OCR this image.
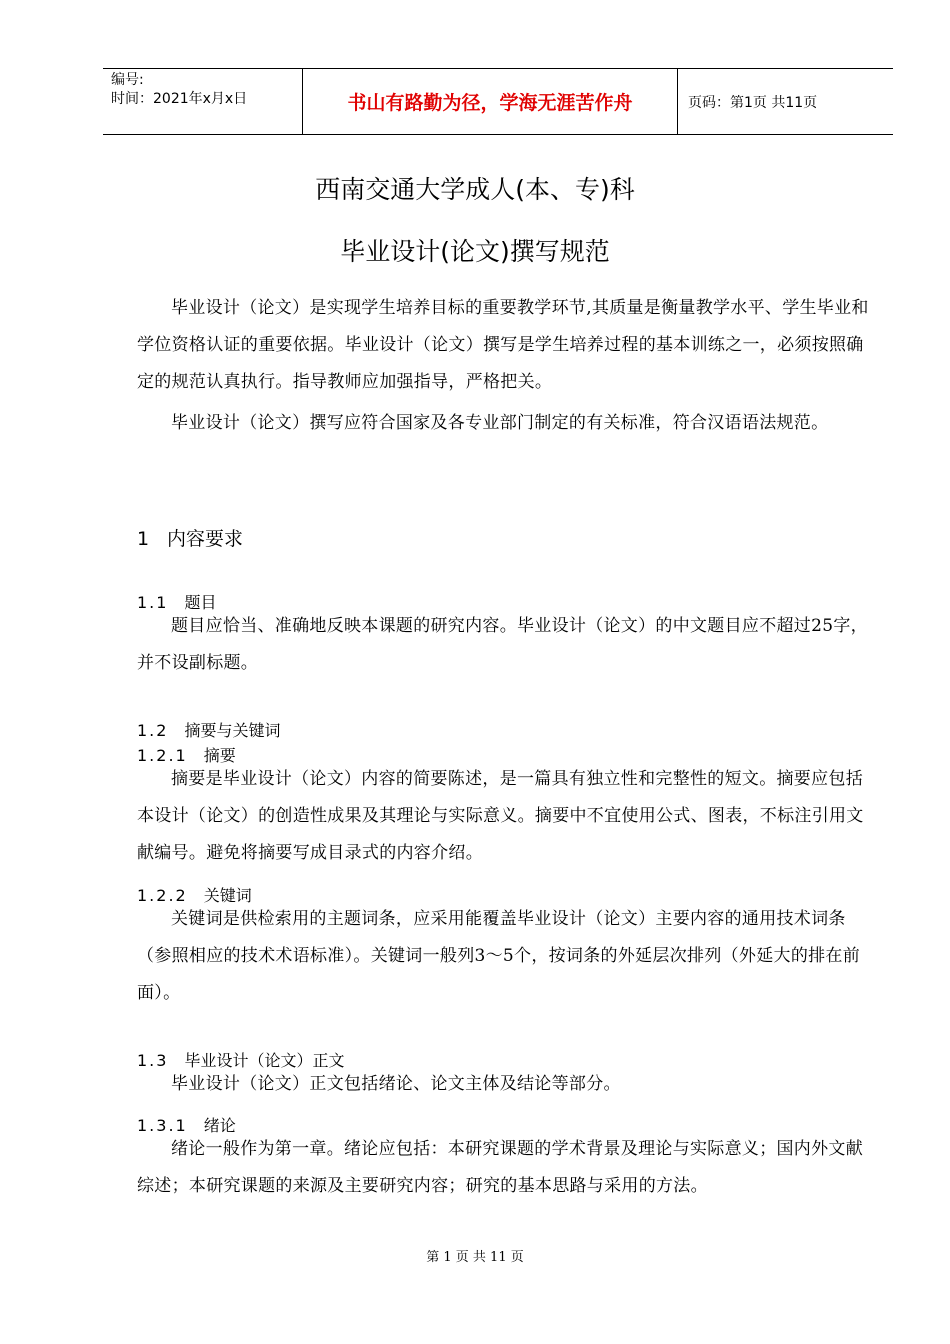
编号:
时间：2021年x月x日	书山有路勤为径，学海无涯苦作舟	页码：第1页 共11页
西南交通大学成人(本、专)科
毕业设计(论文)撰写规范

毕业设计（论文）是实现学生培养目标的重要教学环节,其质量是衡量教学水平、学生毕业和学位资格认证的重要依据。毕业设计（论文）撰写是学生培养过程的基本训练之一，必须按照确定的规范认真执行。指导教师应加强指导，严格把关。

毕业设计（论文）撰写应符合国家及各专业部门制定的有关标准，符合汉语语法规范。

1 内容要求
1.1 题目

题目应恰当、准确地反映本课题的研究内容。毕业设计（论文）的中文题目应不超过25字，并不设副标题。

1.2 摘要与关键词
1.2.1 摘要

摘要是毕业设计（论文）内容的简要陈述，是一篇具有独立性和完整性的短文。摘要应包括本设计（论文）的创造性成果及其理论与实际意义。摘要中不宜使用公式、图表，不标注引用文献编号。避免将摘要写成目录式的内容介绍。

1.2.2 关键词

关键词是供检索用的主题词条，应采用能覆盖毕业设计（论文）主要内容的通用技术词条（参照相应的技术术语标准）。关键词一般列3～5个，按词条的外延层次排列（外延大的排在前面）。

1.3 毕业设计（论文）正文

毕业设计（论文）正文包括绪论、论文主体及结论等部分。

1.3.1 绪论

绪论一般作为第一章。绪论应包括：本研究课题的学术背景及理论与实际意义；国内外文献综述；本研究课题的来源及主要研究内容；研究的基本思路与采用的方法。

第 1 页 共 11 页
